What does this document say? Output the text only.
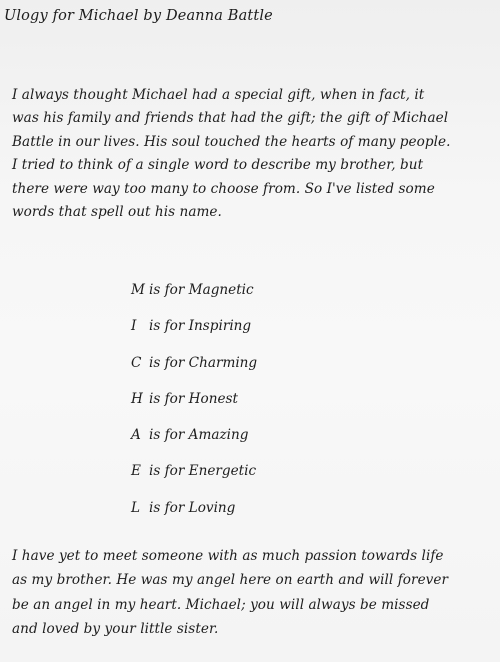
Ulogy for Michael by Deanna Battle
I always thought Michael had a special gift, when in fact, it
was his family and friends that had the gift; the gift of Michael
Battle in our lives. His soul touched the hearts of many people.
I tried to think of a single word to describe my brother, but
there were way too many to choose from. So I've listed some
words that spell out his name.
M is for Magnetic
I is for Inspiring
C is for Charming
H is for Honest
A is for Amazing
E is for Energetic
L is for Loving
I have yet to meet someone with as much passion towards life
as my brother. He was my angel here on earth and will forever
be an angel in my heart. Michael; you will always be missed
and loved by your little sister.
